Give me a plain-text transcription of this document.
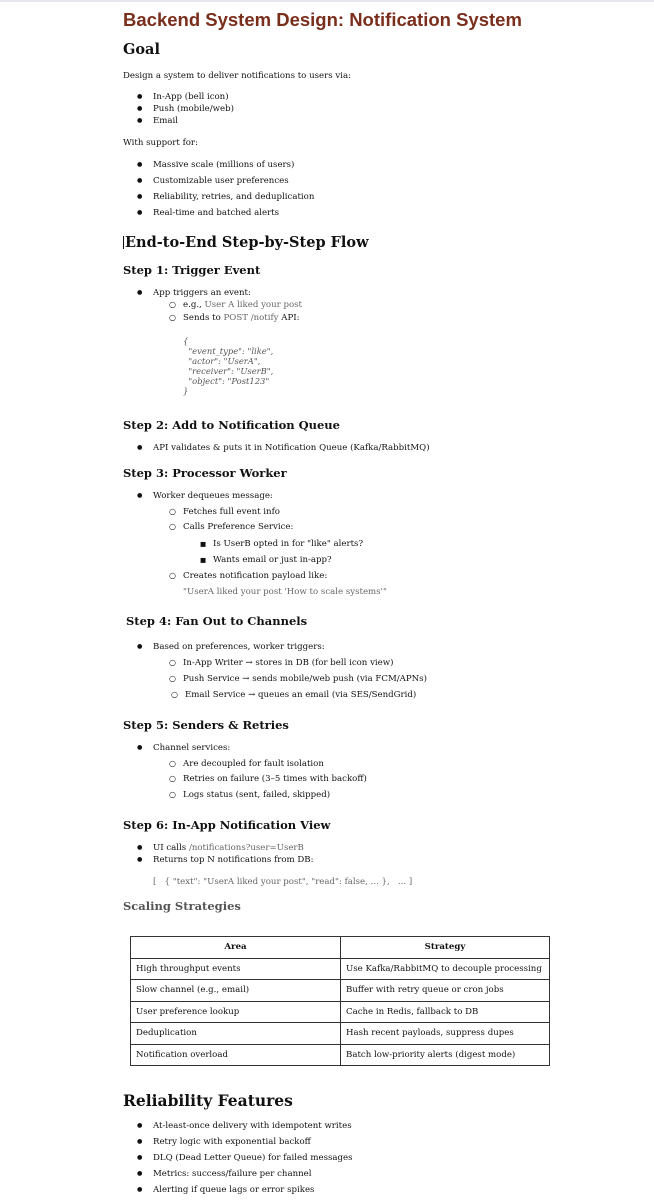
Backend System Design: Notification System
Goal
Design a system to deliver notifications to users via:
● In-App (bell icon)
● Push (mobile/web)
● Email
With support for:
● Massive scale (millions of users)
● Customizable user preferences
● Reliability, retries, and deduplication
● Real-time and batched alerts
End-to-End Step-by-Step Flow
Step 1: Trigger Event
● App triggers an event:
○ e.g., User A liked your post
○ Sends to POST /notify API:
{
"event_type": "like",
"actor": "UserA",
"receiver": "UserB",
"object": "Post123"
}
Step 2: Add to Notification Queue
● API validates & puts it in Notification Queue (Kafka/RabbitMQ)
Step 3: Processor Worker
● Worker dequeues message:
○ Fetches full event info
○ Calls Preference Service:
■ Is UserB opted in for "like" alerts?
■ Wants email or just in-app?
○ Creates notification payload like:
"UserA liked your post 'How to scale systems'"
Step 4: Fan Out to Channels
● Based on preferences, worker triggers:
○ In-App Writer → stores in DB (for bell icon view)
○ Push Service → sends mobile/web push (via FCM/APNs)
○ Email Service → queues an email (via SES/SendGrid)
Step 5: Senders & Retries
● Channel services:
○ Are decoupled for fault isolation
○ Retries on failure (3–5 times with backoff)
○ Logs status (sent, failed, skipped)
Step 6: In-App Notification View
● UI calls /notifications?user=UserB
● Returns top N notifications from DB:
[   { "text": "UserA liked your post", "read": false, ... },   ... ]
Scaling Strategies
Area	Strategy
High throughput events	Use Kafka/RabbitMQ to decouple processing
Slow channel (e.g., email)	Buffer with retry queue or cron jobs
User preference lookup	Cache in Redis, fallback to DB
Deduplication	Hash recent payloads, suppress dupes
Notification overload	Batch low-priority alerts (digest mode)
Reliability Features
● At-least-once delivery with idempotent writes
● Retry logic with exponential backoff
● DLQ (Dead Letter Queue) for failed messages
● Metrics: success/failure per channel
● Alerting if queue lags or error spikes
